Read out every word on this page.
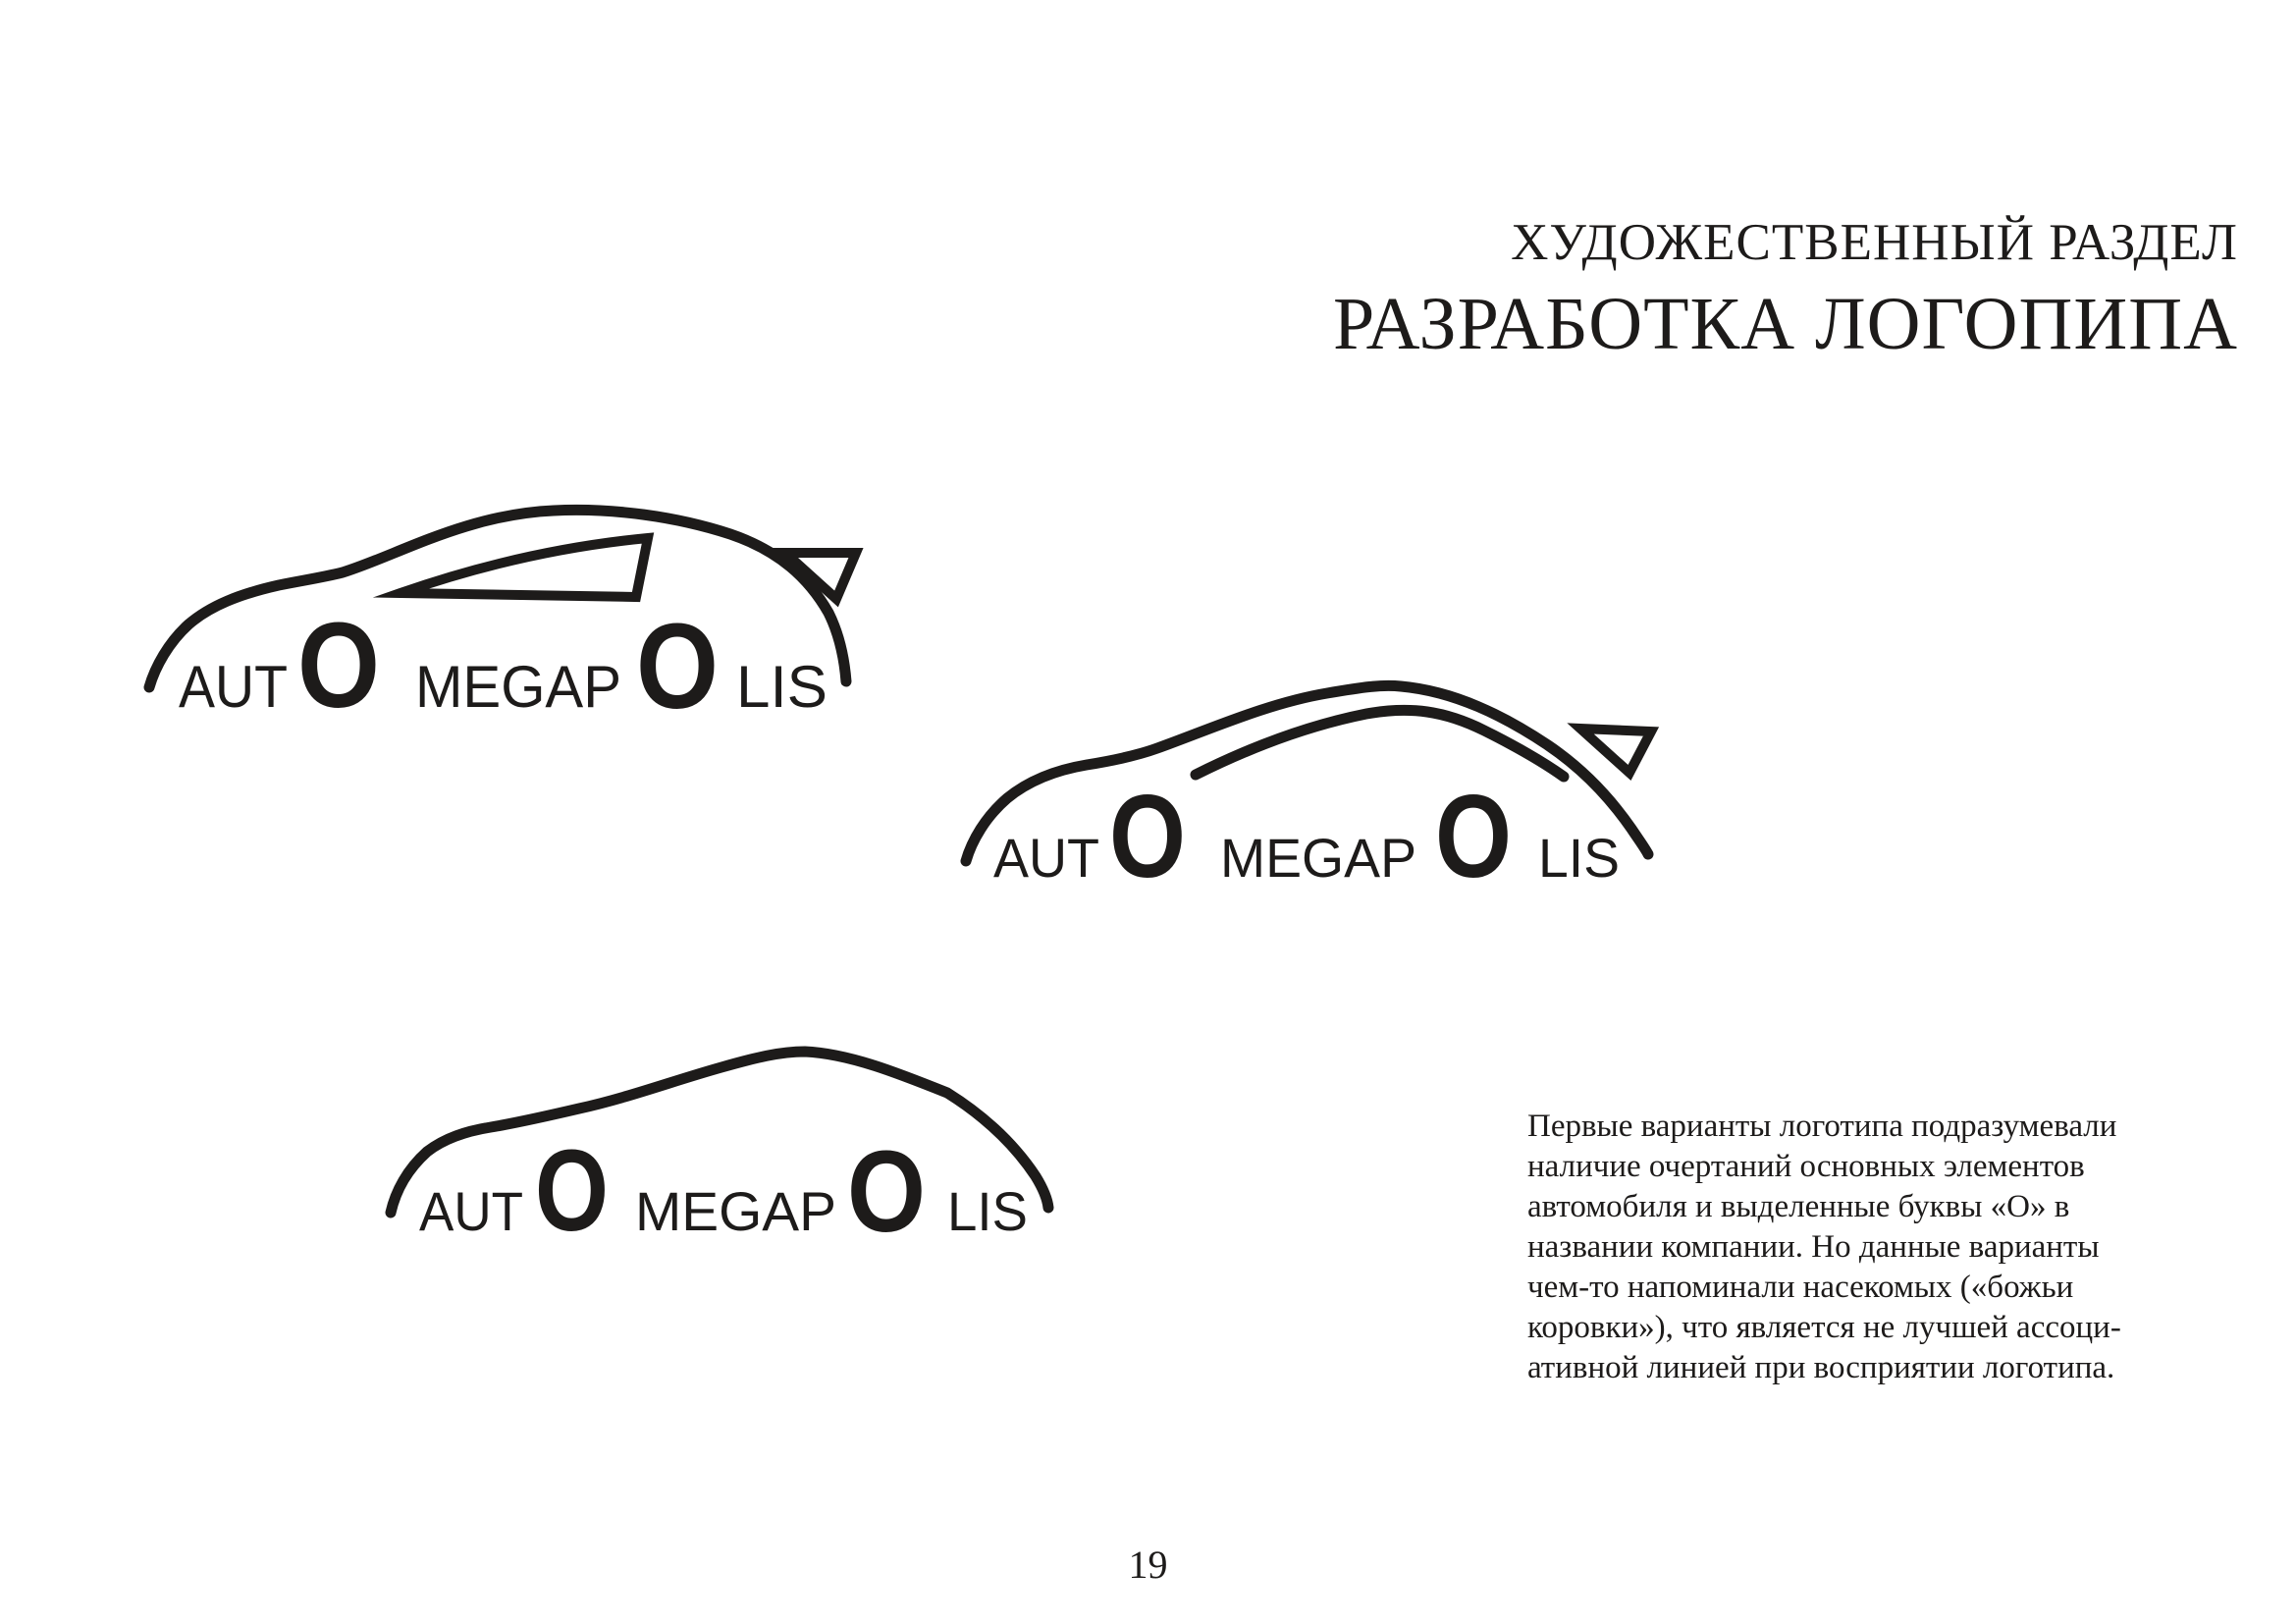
ХУДОЖЕСТВЕННЫЙ РАЗДЕЛ
РАЗРАБОТКА ЛОГОПИПА
AUT O MEGAP O LIS
AUT O MEGAP O LIS
AUT O MEGAP O LIS
Первые варианты логотипа подразумевали
наличие очертаний основных элементов
автомобиля и выделенные буквы «О» в
названии компании. Но данные варианты
чем-то напоминали насекомых («божьи
коровки»), что является не лучшей ассоци-
ативной линией при восприятии логотипа.
19
